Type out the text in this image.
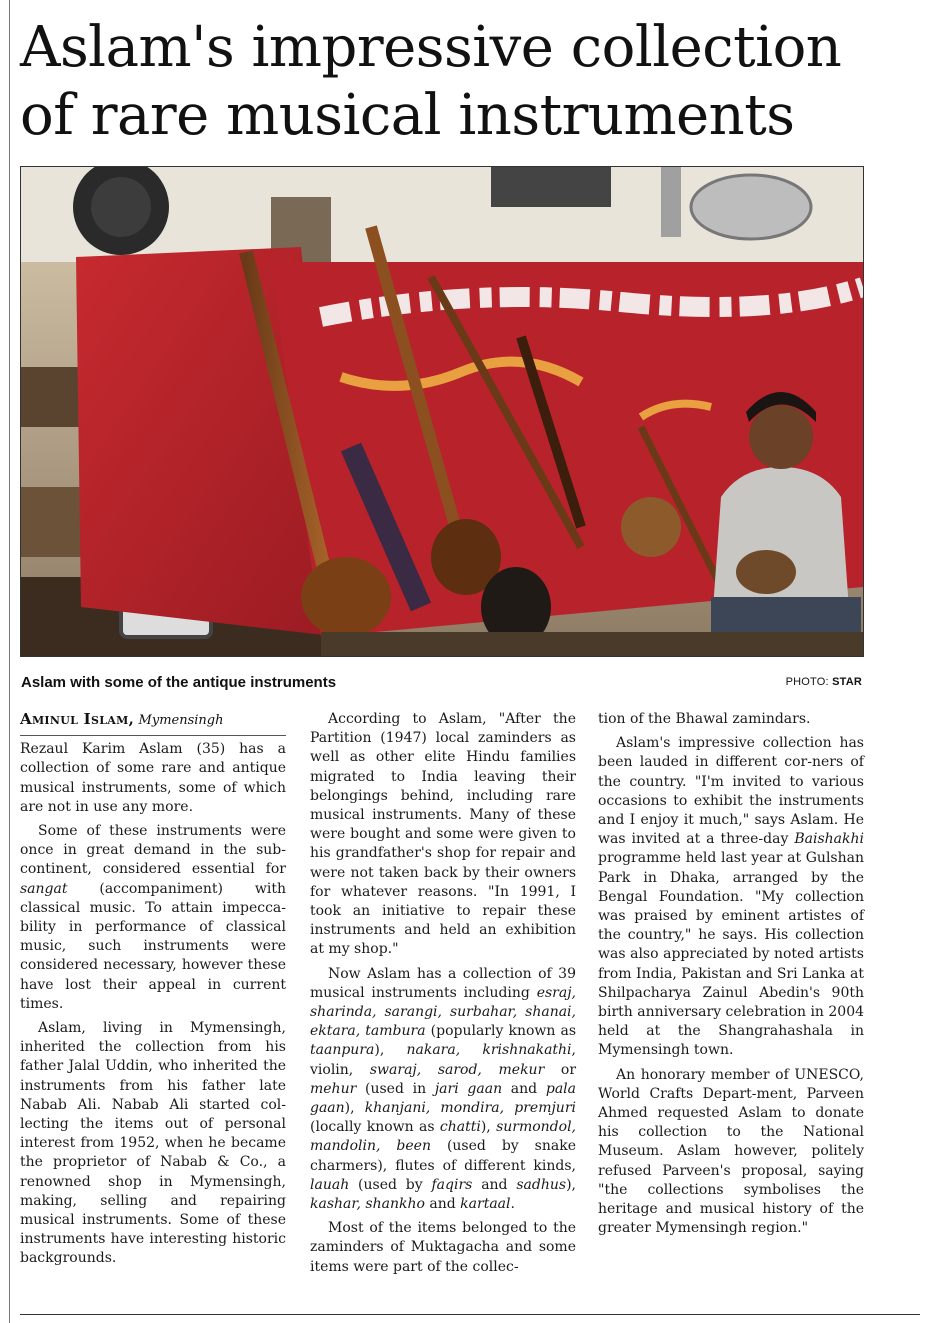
Aslam's impressive collection
of rare musical instruments
Aslam with some of the antique instruments	PHOTO: STAR
Aminul Islam, Mymensingh

Rezaul Karim Aslam (35) has a collection of some rare and antique musical instruments, some of which are not in use any more.

Some of these instruments were once in great demand in the sub-continent, considered essential for sangat (accompaniment) with classical music. To attain impecca-bility in performance of classical music, such instruments were considered necessary, however these have lost their appeal in current times.

Aslam, living in Mymensingh, inherited the collection from his father Jalal Uddin, who inherited the instruments from his father late Nabab Ali. Nabab Ali started col-lecting the items out of personal interest from 1952, when he became the proprietor of Nabab & Co., a renowned shop in Mymensingh, making, selling and repairing musical instruments. Some of these instruments have interesting historic backgrounds.

According to Aslam, "After the Partition (1947) local zaminders as well as other elite Hindu families migrated to India leaving their belongings behind, including rare musical instruments. Many of these were bought and some were given to his grandfather's shop for repair and were not taken back by their owners for whatever reasons. "In 1991, I took an initiative to repair these instruments and held an exhibition at my shop."

Now Aslam has a collection of 39 musical instruments including esraj, sharinda, sarangi, surbahar, shanai, ektara, tambura (popularly known as taanpura), nakara, krishnakathi, violin, swaraj, sarod, mekur or mehur (used in jari gaan and pala gaan), khanjani, mondira, premjuri (locally known as chatti), surmondol, mandolin, been (used by snake charmers), flutes of different kinds, lauah (used by faqirs and sadhus), kashar, shankho and kartaal.

Most of the items belonged to the zaminders of Muktagacha and some items were part of the collec-

tion of the Bhawal zamindars.

Aslam's impressive collection has been lauded in different cor-ners of the country. "I'm invited to various occasions to exhibit the instruments and I enjoy it much," says Aslam. He was invited at a three-day Baishakhi programme held last year at Gulshan Park in Dhaka, arranged by the Bengal Foundation. "My collection was praised by eminent artistes of the country," he says. His collection was also appreciated by noted artists from India, Pakistan and Sri Lanka at Shilpacharya Zainul Abedin's 90th birth anniversary celebration in 2004 held at the Shangrahashala in Mymensingh town.

An honorary member of UNESCO, World Crafts Depart-ment, Parveen Ahmed requested Aslam to donate his collection to the National Museum. Aslam however, politely refused Parveen's proposal, saying "the collections symbolises the heritage and musical history of the greater Mymensingh region."
